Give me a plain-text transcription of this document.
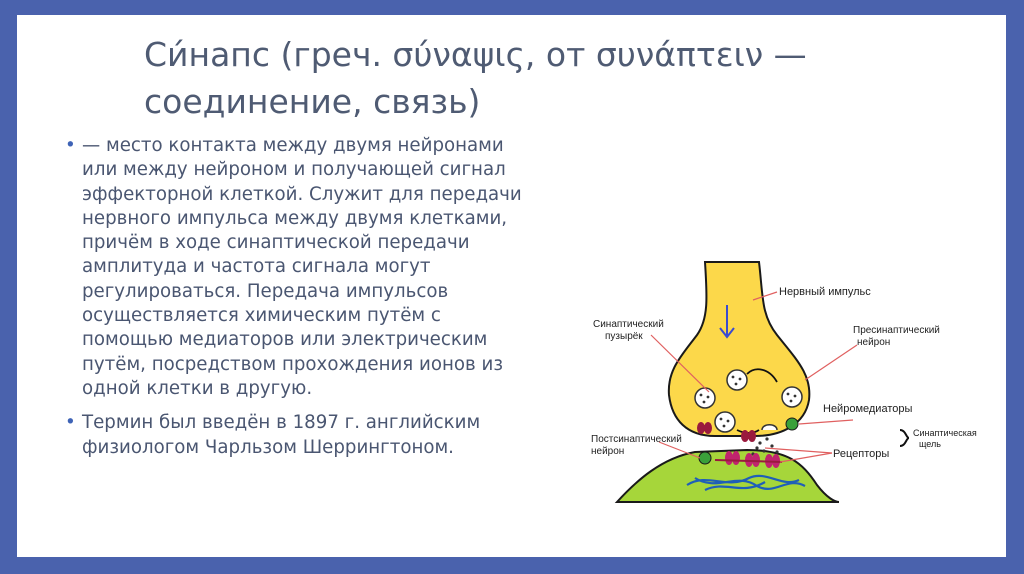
Си́напс (греч. σύναψις, от συνάπτειν — соединение, связь)
• — место контакта между двумя нейронами или между нейроном и получающей сигнал эффекторной клеткой. Служит для передачи нервного импульса между двумя клетками, причём в ходе синаптической передачи амплитуда и частота сигнала могут регулироваться. Передача импульсов осуществляется химическим путём с помощью медиаторов или электрическим путём, посредством прохождения ионов из одной клетки в другую.
• Термин был введён в 1897 г. английским физиологом Чарльзом Шеррингтоном.
Нервный импульс
Синаптический
пузырёк
Пресинаптический
нейрон
Нейромедиаторы
Синаптическая
щель
Постсинаптический
нейрон	Рецепторы
